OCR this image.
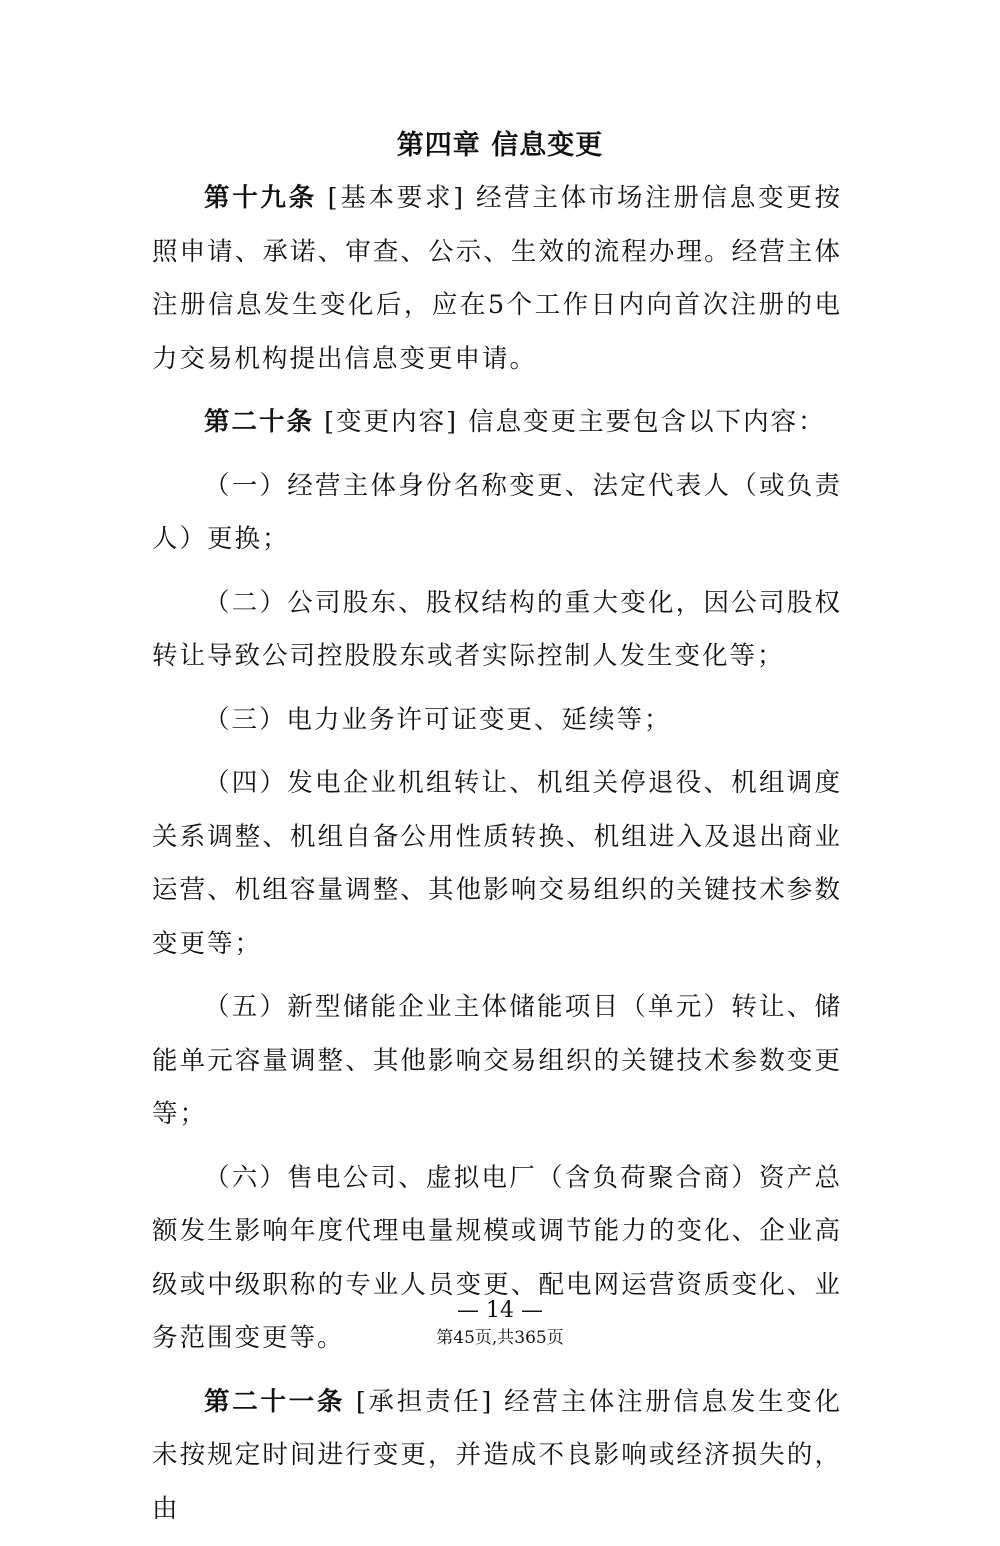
第四章 信息变更

第十九条 [基本要求] 经营主体市场注册信息变更按照申请、承诺、审查、公示、生效的流程办理。经营主体注册信息发生变化后，应在5个工作日内向首次注册的电力交易机构提出信息变更申请。

第二十条 [变更内容] 信息变更主要包含以下内容：

（一）经营主体身份名称变更、法定代表人（或负责人）更换；

（二）公司股东、股权结构的重大变化，因公司股权转让导致公司控股股东或者实际控制人发生变化等；

（三）电力业务许可证变更、延续等；

（四）发电企业机组转让、机组关停退役、机组调度关系调整、机组自备公用性质转换、机组进入及退出商业运营、机组容量调整、其他影响交易组织的关键技术参数变更等；

（五）新型储能企业主体储能项目（单元）转让、储能单元容量调整、其他影响交易组织的关键技术参数变更等；

（六）售电公司、虚拟电厂（含负荷聚合商）资产总额发生影响年度代理电量规模或调节能力的变化、企业高级或中级职称的专业人员变更、配电网运营资质变化、业务范围变更等。

第二十一条 [承担责任] 经营主体注册信息发生变化未按规定时间进行变更，并造成不良影响或经济损失的，由

— 14 —
第45页,共365页
